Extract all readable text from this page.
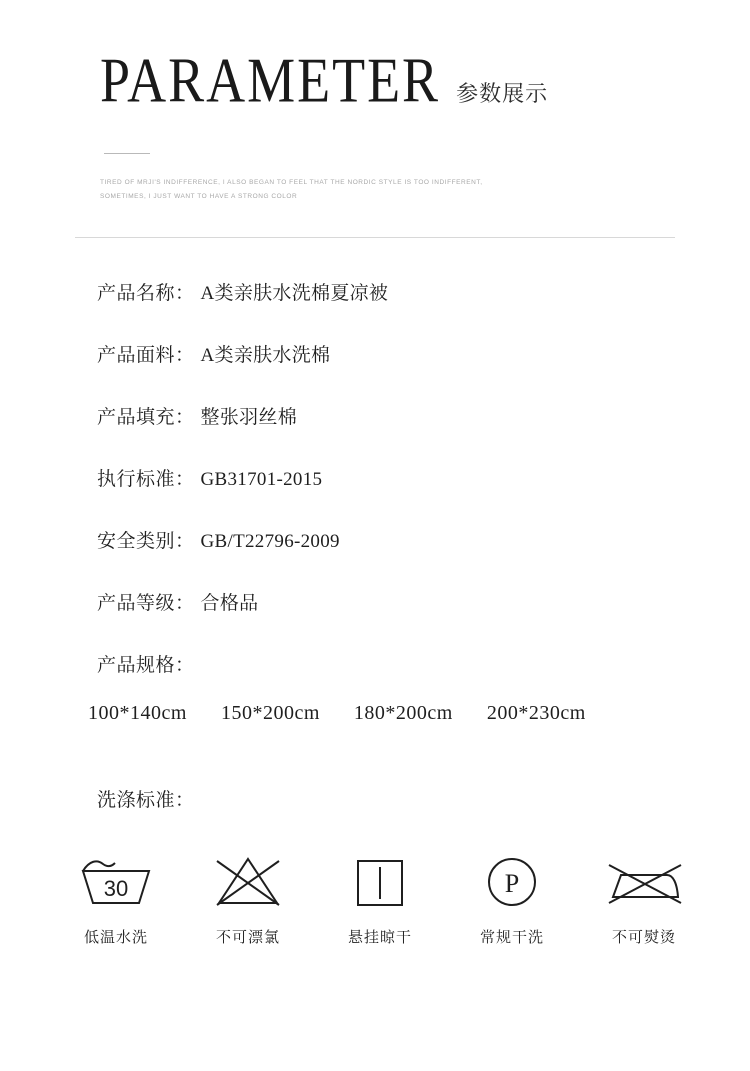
PARAMETER 参数展示
TIRED OF MRJI'S INDIFFERENCE, I ALSO BEGAN TO FEEL THAT THE NORDIC STYLE IS TOO INDIFFERENT,
SOMETIMES, I JUST WANT TO HAVE A STRONG COLOR
产品名称： A类亲肤水洗棉夏凉被
产品面料： A类亲肤水洗棉
产品填充： 整张羽丝棉
执行标准： GB31701-2015
安全类别： GB/T22796-2009
产品等级： 合格品
产品规格：
100*140cm 150*200cm 180*200cm 200*230cm
洗涤标准：
30
低温水洗	不可漂氯	悬挂晾干
P
常规干洗	不可熨烫
